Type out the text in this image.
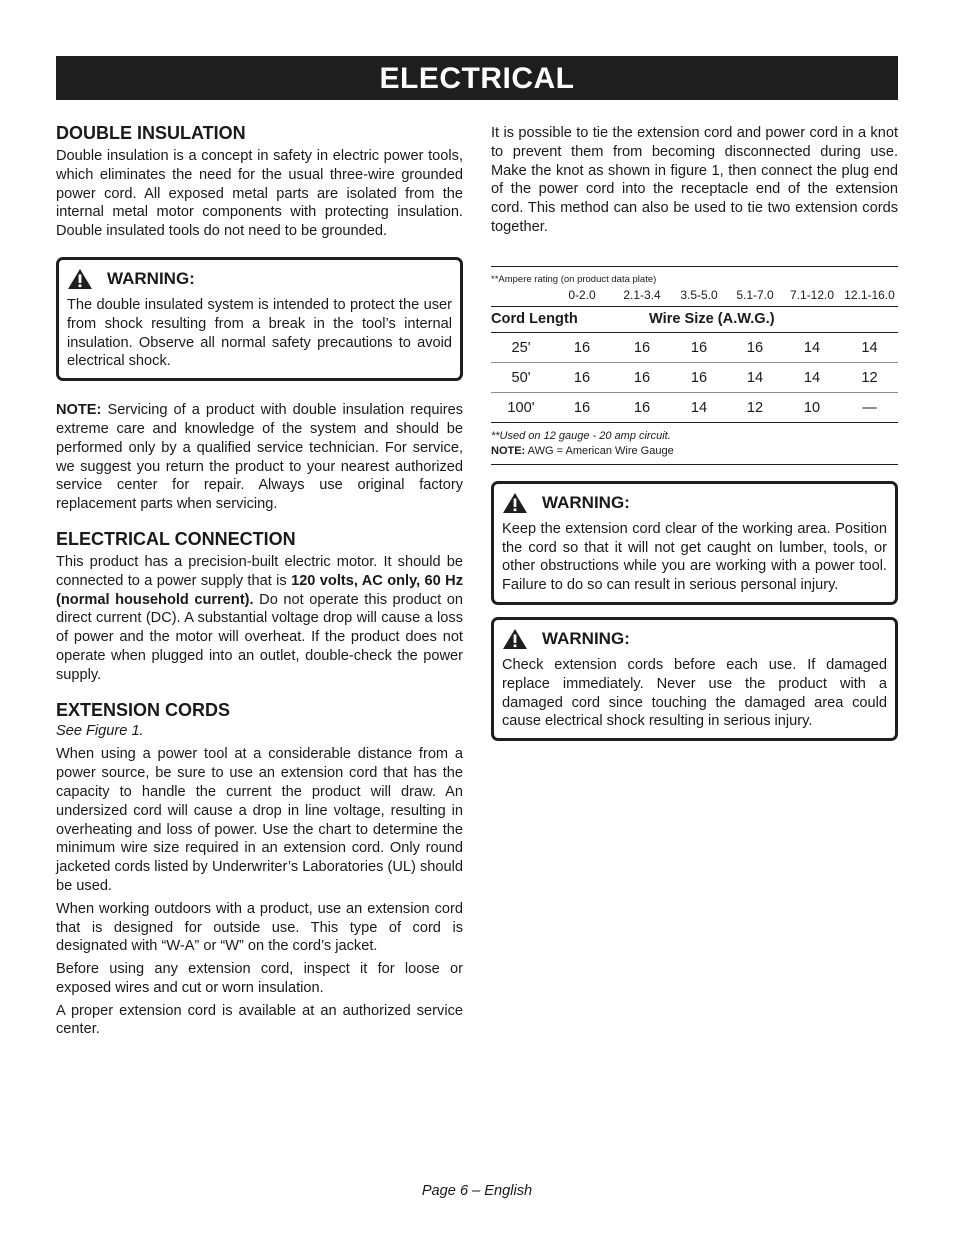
ELECTRICAL
DOUBLE INSULATION

Double insulation is a concept in safety in electric power tools, which eliminates the need for the usual three-wire grounded power cord. All exposed metal parts are isolated from the internal metal motor components with protecting insulation. Double insulated tools do not need to be grounded.

WARNING:

The double insulated system is intended to protect the user from shock resulting from a break in the tool’s internal insulation. Observe all normal safety precautions to avoid electrical shock.

NOTE: Servicing of a product with double insulation requires extreme care and knowledge of the system and should be performed only by a qualified service technician. For service, we suggest you return the product to your nearest authorized service center for repair. Always use original factory replacement parts when servicing.

ELECTRICAL CONNECTION

This product has a precision-built electric motor. It should be connected to a power supply that is 120 volts, AC only, 60 Hz (normal household current). Do not operate this product on direct current (DC). A substantial voltage drop will cause a loss of power and the motor will overheat. If the product does not operate when plugged into an outlet, double-check the power supply.

EXTENSION CORDS

See Figure 1.

When using a power tool at a considerable distance from a power source, be sure to use an extension cord that has the capacity to handle the current the product will draw. An undersized cord will cause a drop in line voltage, resulting in overheating and loss of power. Use the chart to determine the minimum wire size required in an extension cord. Only round jacketed cords listed by Underwriter’s Laboratories (UL) should be used.

When working outdoors with a product, use an extension cord that is designed for outside use. This type of cord is designated with “W-A” or “W” on the cord’s jacket.

Before using any extension cord, inspect it for loose or exposed wires and cut or worn insulation.

A proper extension cord is available at an authorized service center.

It is possible to tie the extension cord and power cord in a knot to prevent them from becoming disconnected during use. Make the knot as shown in figure 1, then connect the plug end of the power cord into the receptacle end of the extension cord. This method can also be used to tie two extension cords together.

**Ampere rating (on product data plate)
0-2.0	2.1-3.4	3.5-5.0	5.1-7.0	7.1-12.0 12.1-16.0
Cord Length	Wire Size (A.W.G.)
25'	16	16	16	16	14	14
50'	16	16	16	14	14	12
100'	16	16	14	12	10	—
**Used on 12 gauge - 20 amp circuit.
NOTE: AWG = American Wire Gauge
WARNING:

Keep the extension cord clear of the working area. Position the cord so that it will not get caught on lumber, tools, or other obstructions while you are working with a power tool. Failure to do so can result in serious personal injury.

WARNING:

Check extension cords before each use. If damaged replace immediately. Never use the product with a damaged cord since touching the damaged area could cause electrical shock resulting in serious injury.

Page 6 – English
